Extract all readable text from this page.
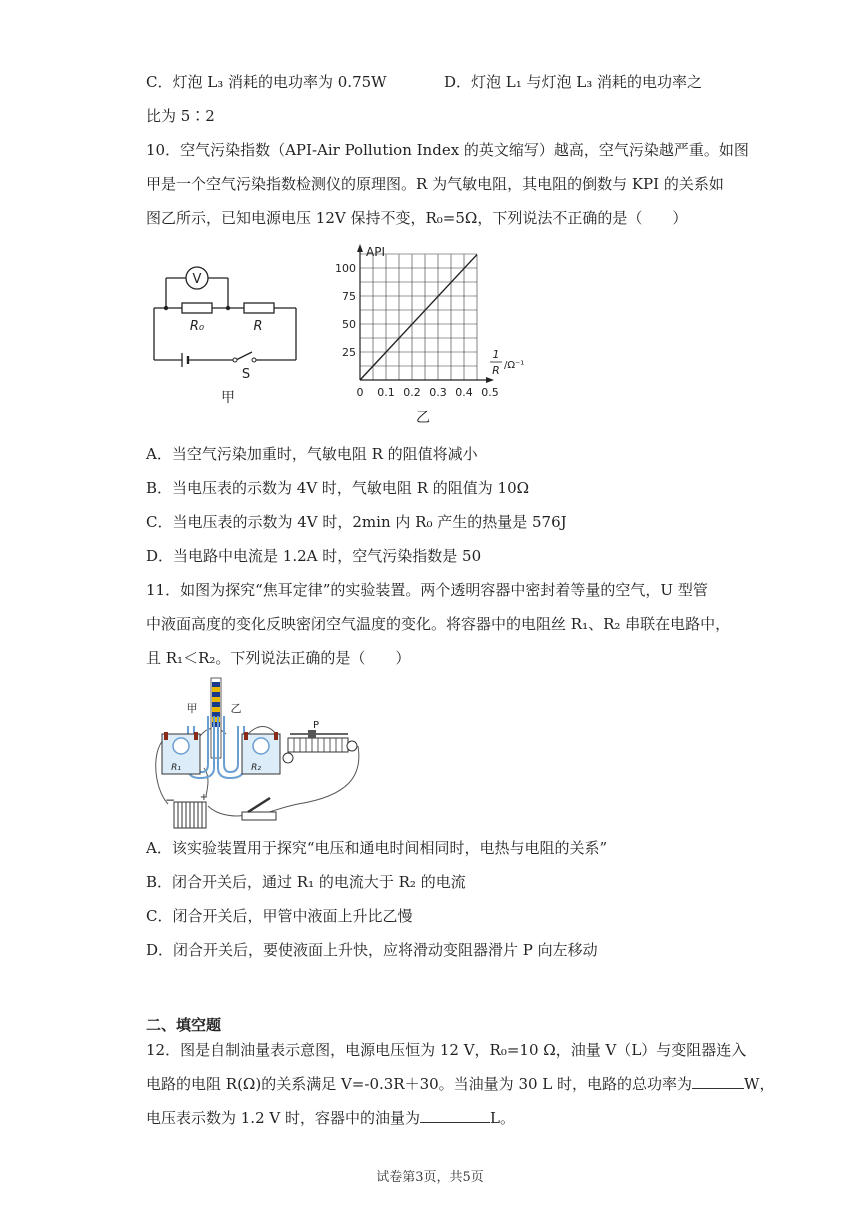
C．灯泡 L₃ 消耗的电功率为 0.75W	D．灯泡 L₁ 与灯泡 L₃ 消耗的电功率之
比为 5∶2
10．空气污染指数（API-Air Pollution Index 的英文缩写）越高，空气污染越严重。如图
甲是一个空气污染指数检测仪的原理图。R 为气敏电阻，其电阻的倒数与 KPI 的关系如
图乙所示，已知电源电压 12V 保持不变，R₀=5Ω，下列说法不正确的是（　　）
V
R₀	R
S
甲
25
50
75
100
0 0.1 0.2 0.3 0.4 0.5
API
1
R /Ω⁻¹
乙
A．当空气污染加重时，气敏电阻 R 的阻值将减小
B．当电压表的示数为 4V 时，气敏电阻 R 的阻值为 10Ω
C．当电压表的示数为 4V 时，2min 内 R₀ 产生的热量是 576J
D．当电路中电流是 1.2A 时，空气污染指数是 50
11．如图为探究“焦耳定律”的实验装置。两个透明容器中密封着等量的空气，U 型管
中液面高度的变化反映密闭空气温度的变化。将容器中的电阻丝 R₁、R₂ 串联在电路中，
且 R₁＜R₂。下列说法正确的是（　　）
甲	乙
R₁	R₂
P
− +
A．该实验装置用于探究“电压和通电时间相同时，电热与电阻的关系”
B．闭合开关后，通过 R₁ 的电流大于 R₂ 的电流
C．闭合开关后，甲管中液面上升比乙慢
D．闭合开关后，要使液面上升快，应将滑动变阻器滑片 P 向左移动
二、填空题
12．图是自制油量表示意图，电源电压恒为 12 V，R₀=10 Ω，油量 V（L）与变阻器连入
电路的电阻 R(Ω)的关系满足 V=-0.3R＋30。当油量为 30 L 时，电路的总功率为	W，
电压表示数为 1.2 V 时，容器中的油量为	L。
试卷第3页，共5页
